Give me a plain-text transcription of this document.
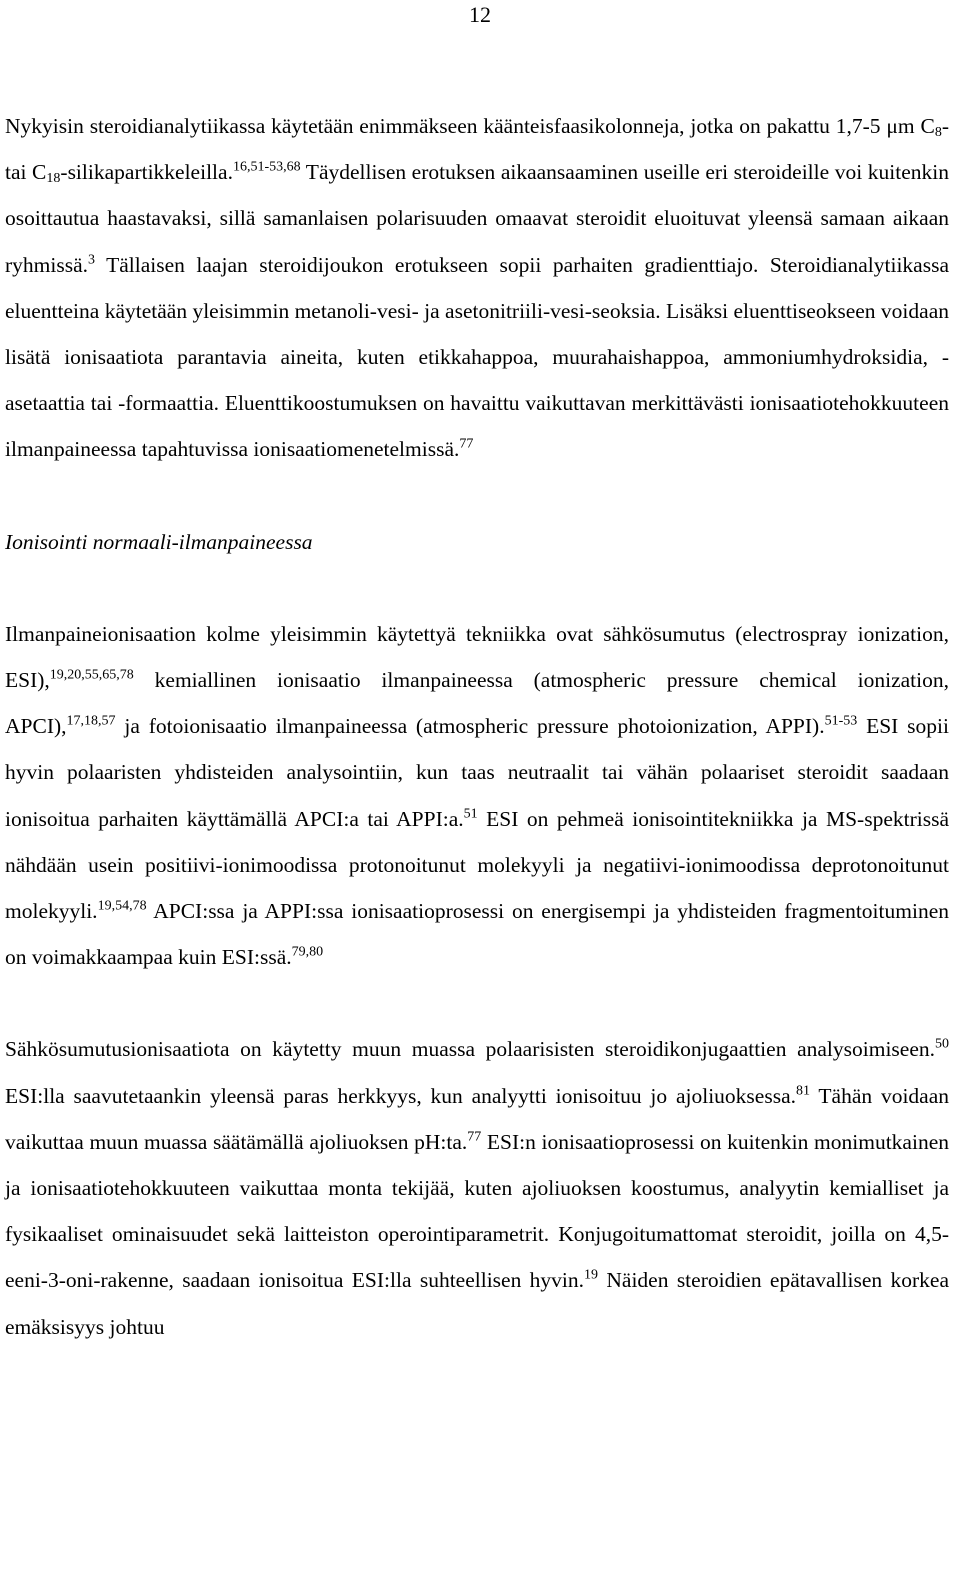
12

Nykyisin steroidianalytiikassa käytetään enimmäkseen käänteisfaasikolonneja, jotka on pakattu 1,7-5 μm $C_8-$ tai $C_{18}-silikapartikkeleilla.^{16,51-53,68}$ Täydellisen erotuksen aikaansaaminen useille eri steroideille voi kuitenkin osoittautua haastavaksi, sillä samanlaisen polarisuuden omaavat steroidit eluoituvat yleensä samaan aikaan ryhmissä.$^3$ Tällaisen laajan steroidijoukon erotukseen sopii parhaiten gradienttiajo. Steroidianalytiikassa eluentteina käytetään yleisimmin metanoli-vesi- ja asetonitriili-vesi-seoksia. Lisäksi eluenttiseokseen voidaan lisätä ionisaatiota parantavia aineita, kuten etikkahappoa, muurahaishappoa, ammoniumhydroksidia, -asetaattia tai -formaattia. Eluenttikoostumuksen on havaittu vaikuttavan merkittävästi ionisaatiotehokkuuteen ilmanpaineessa tapahtuvissa ionisaatiomenetelmissä.$^{77}$

Ionisointi normaali-ilmanpaineessa

Ilmanpaineionisaation kolme yleisimmin käytettyä tekniikka ovat sähkösumutus (electrospray ionization, ESI),$^{19,20,55,65,78}$ kemiallinen ionisaatio ilmanpaineessa (atmospheric pressure chemical ionization, APCI),$^{17,18,57}$ ja fotoionisaatio ilmanpaineessa (atmospheric pressure photoionization, APPI).$^{51-53}$ ESI sopii hyvin polaaristen yhdisteiden analysointiin, kun taas neutraalit tai vähän polaariset steroidit saadaan ionisoitua parhaiten käyttämällä APCI:a tai APPI:a.$^{51}$ ESI on pehmeä ionisointitekniikka ja MS-spektrissä nähdään usein positiivi-ionimoodissa protonoitunut molekyyli ja negatiivi-ionimoodissa deprotonoitunut molekyyli.$^{19,54,78}$ APCI:ssa ja APPI:ssa ionisaatioprosessi on energisempi ja yhdisteiden fragmentoituminen on voimakkaampaa kuin ESI:ssä.$^{79,80}$

Sähkösumutusionisaatiota on käytetty muun muassa polaarisisten steroidikonjugaattien analysoimiseen.$^{50}$ ESI:lla saavutetaankin yleensä paras herkkyys, kun analyytti ionisoituu jo ajoliuoksessa.$^{81}$ Tähän voidaan vaikuttaa muun muassa säätämällä ajoliuoksen pH:ta.$^{77}$ ESI:n ionisaatioprosessi on kuitenkin monimutkainen ja ionisaatiotehokkuuteen vaikuttaa monta tekijää, kuten ajoliuoksen koostumus, analyytin kemialliset ja fysikaaliset ominaisuudet sekä laitteiston operointiparametrit. Konjugoitumattomat steroidit, joilla on 4,5-eeni-3-oni-rakenne, saadaan ionisoitua ESI:lla suhteellisen hyvin.$^{19}$ Näiden steroidien epätavallisen korkea emäksisyys johtuu
